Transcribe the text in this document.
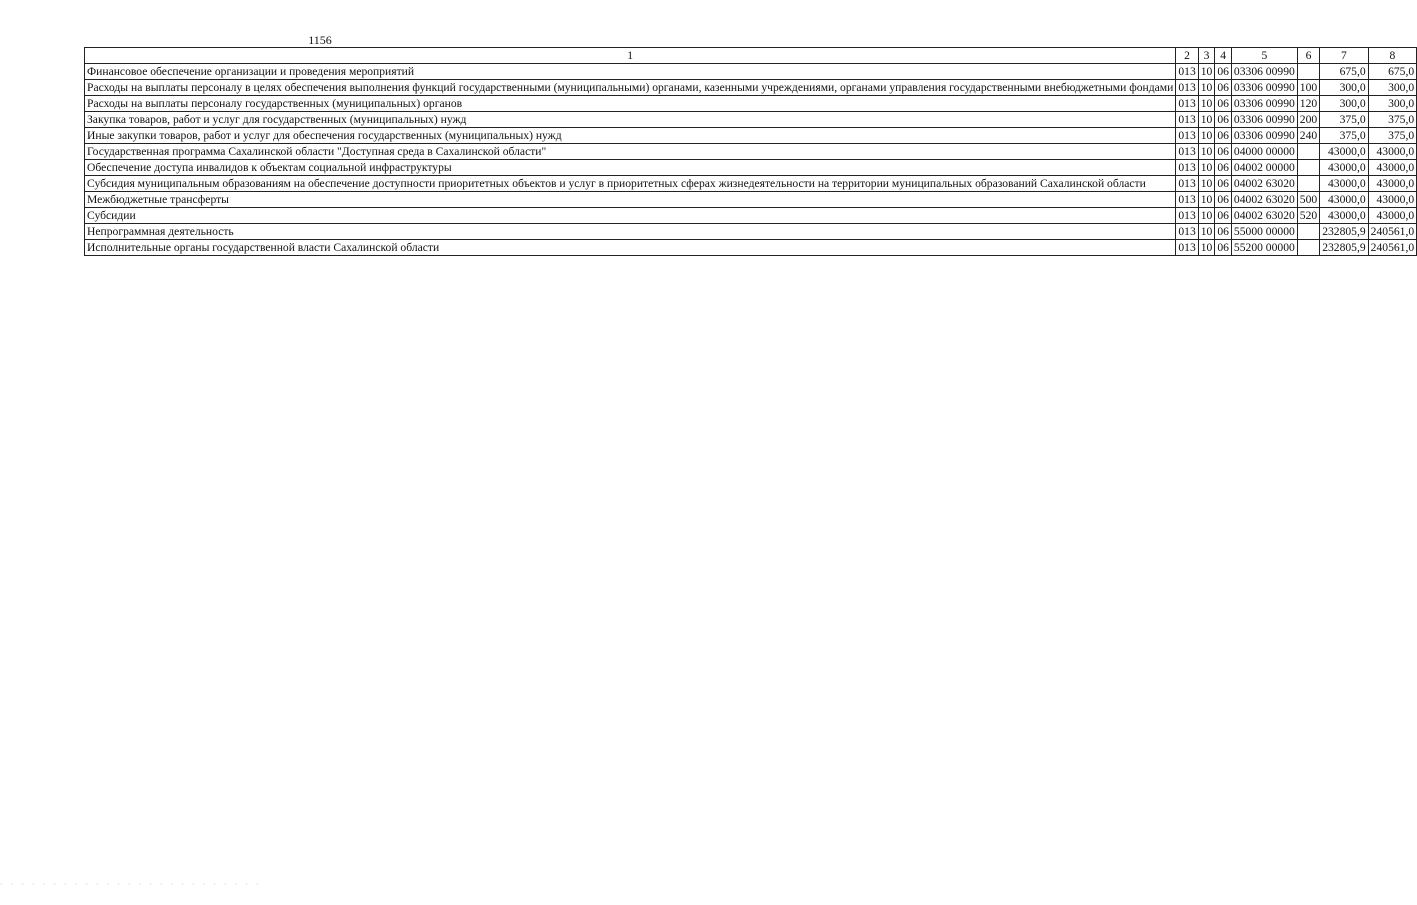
1156
1	2	3	4	5	6	7	8
Финансовое обеспечение организации и проведения мероприятий	013	10	06	03306 00990		675,0	675,0
Расходы на выплаты персоналу в целях обеспечения выполнения функций государственными (муниципальными) органами, казенными учреждениями, органами управления государственными внебюджетными фондами	013	10	06	03306 00990	100	300,0	300,0
Расходы на выплаты персоналу государственных (муниципальных) органов	013	10	06	03306 00990	120	300,0	300,0
Закупка товаров, работ и услуг для государственных (муниципальных) нужд	013	10	06	03306 00990	200	375,0	375,0
Иные закупки товаров, работ и услуг для обеспечения государственных (муниципальных) нужд	013	10	06	03306 00990	240	375,0	375,0
Государственная программа Сахалинской области "Доступная среда в Сахалинской области"	013	10	06	04000 00000		43000,0	43000,0
Обеспечение доступа инвалидов к объектам социальной инфраструктуры	013	10	06	04002 00000		43000,0	43000,0
Субсидия муниципальным образованиям на обеспечение доступности приоритетных объектов и услуг в приоритетных сферах жизнедеятельности на территории муниципальных образований Сахалинской области	013	10	06	04002 63020		43000,0	43000,0
Межбюджетные трансферты	013	10	06	04002 63020	500	43000,0	43000,0
Субсидии	013	10	06	04002 63020	520	43000,0	43000,0
Непрограммная деятельность	013	10	06	55000 00000		232805,9	240561,0
Исполнительные органы государственной власти Сахалинской области	013	10	06	55200 00000		232805,9	240561,0
· · · · · · · · · · · · · · · · · · · · · · · · ·
